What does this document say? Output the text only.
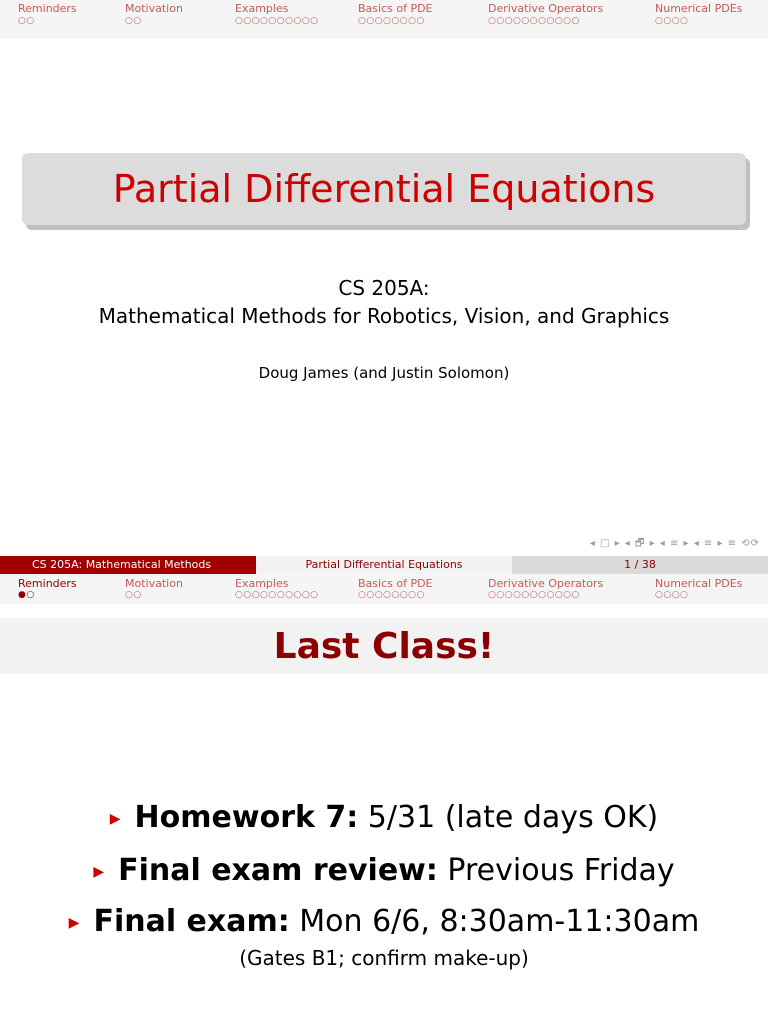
Reminders
○○
Motivation
○○
Examples
○○○○○○○○○○
Basics of PDE
○○○○○○○○
Derivative Operators
○○○○○○○○○○○
Numerical PDEs
○○○○
Partial Differential Equations
CS 205A:
Mathematical Methods for Robotics, Vision, and Graphics
Doug James (and Justin Solomon)
◂ □ ▸ ◂ 🗗 ▸ ◂ ≡ ▸ ◂ ≡ ▸ ≡ ⟲⟳
CS 205A: Mathematical Methods	Partial Differential Equations	1 / 38
Reminders
●○
Motivation
○○
Examples
○○○○○○○○○○
Basics of PDE
○○○○○○○○
Derivative Operators
○○○○○○○○○○○
Numerical PDEs
○○○○
Last Class!
▶ Homework 7: 5/31 (late days OK)
▶ Final exam review: Previous Friday
▶ Final exam: Mon 6/6, 8:30am-11:30am
(Gates B1; confirm make-up)
